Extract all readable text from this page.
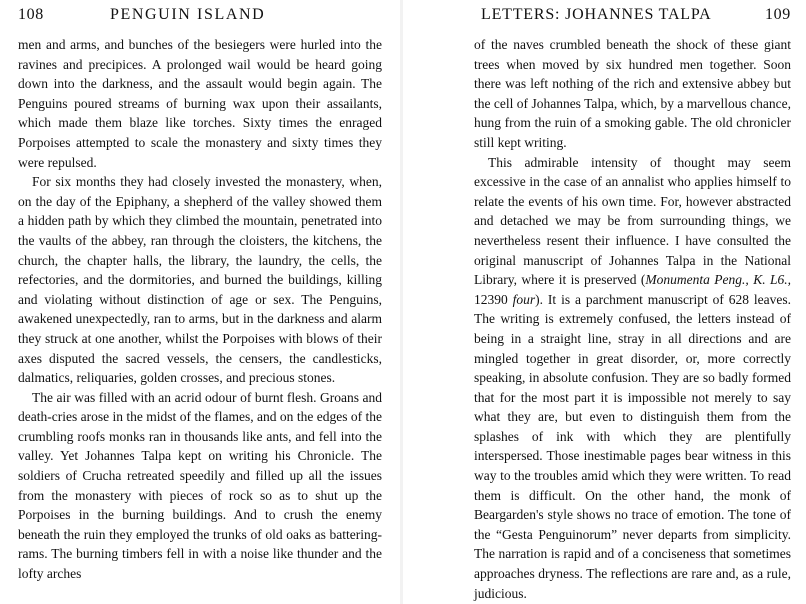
108	PENGUIN ISLAND

men and arms, and bunches of the besiegers were hurled into the ravines and precipices. A prolonged wail would be heard going down into the darkness, and the assault would begin again. The Penguins poured streams of burning wax upon their assailants, which made them blaze like torches. Sixty times the enraged Porpoises attempted to scale the monastery and sixty times they were repulsed.

For six months they had closely invested the monastery, when, on the day of the Epiphany, a shepherd of the valley showed them a hidden path by which they climbed the mountain, penetrated into the vaults of the abbey, ran through the cloisters, the kitchens, the church, the chapter halls, the library, the laundry, the cells, the refectories, and the dormitories, and burned the buildings, killing and violating without distinction of age or sex. The Penguins, awakened unexpectedly, ran to arms, but in the darkness and alarm they struck at one another, whilst the Porpoises with blows of their axes disputed the sacred vessels, the censers, the candlesticks, dalmatics, reliquaries, golden crosses, and precious stones.

The air was filled with an acrid odour of burnt flesh. Groans and death-cries arose in the midst of the flames, and on the edges of the crumbling roofs monks ran in thousands like ants, and fell into the valley. Yet Johannes Talpa kept on writing his Chronicle. The soldiers of Crucha retreated speedily and filled up all the issues from the monastery with pieces of rock so as to shut up the Porpoises in the burning buildings. And to crush the enemy beneath the ruin they employed the trunks of old oaks as battering-rams. The burning timbers fell in with a noise like thunder and the lofty arches

LETTERS: JOHANNES TALPA	109

of the naves crumbled beneath the shock of these giant trees when moved by six hundred men together. Soon there was left nothing of the rich and extensive abbey but the cell of Johannes Talpa, which, by a marvellous chance, hung from the ruin of a smoking gable. The old chronicler still kept writing.

This admirable intensity of thought may seem excessive in the case of an annalist who applies himself to relate the events of his own time. For, however abstracted and detached we may be from surrounding things, we nevertheless resent their influence. I have consulted the original manuscript of Johannes Talpa in the National Library, where it is preserved (Monumenta Peng., K. L6., 12390 four). It is a parchment manuscript of 628 leaves. The writing is extremely confused, the letters instead of being in a straight line, stray in all directions and are mingled together in great disorder, or, more correctly speaking, in absolute confusion. They are so badly formed that for the most part it is impossible not merely to say what they are, but even to distinguish them from the splashes of ink with which they are plentifully interspersed. Those inestimable pages bear witness in this way to the troubles amid which they were written. To read them is difficult. On the other hand, the monk of Beargarden's style shows no trace of emotion. The tone of the “Gesta Penguinorum” never departs from simplicity. The narration is rapid and of a conciseness that sometimes approaches dryness. The reflections are rare and, as a rule, judicious.
